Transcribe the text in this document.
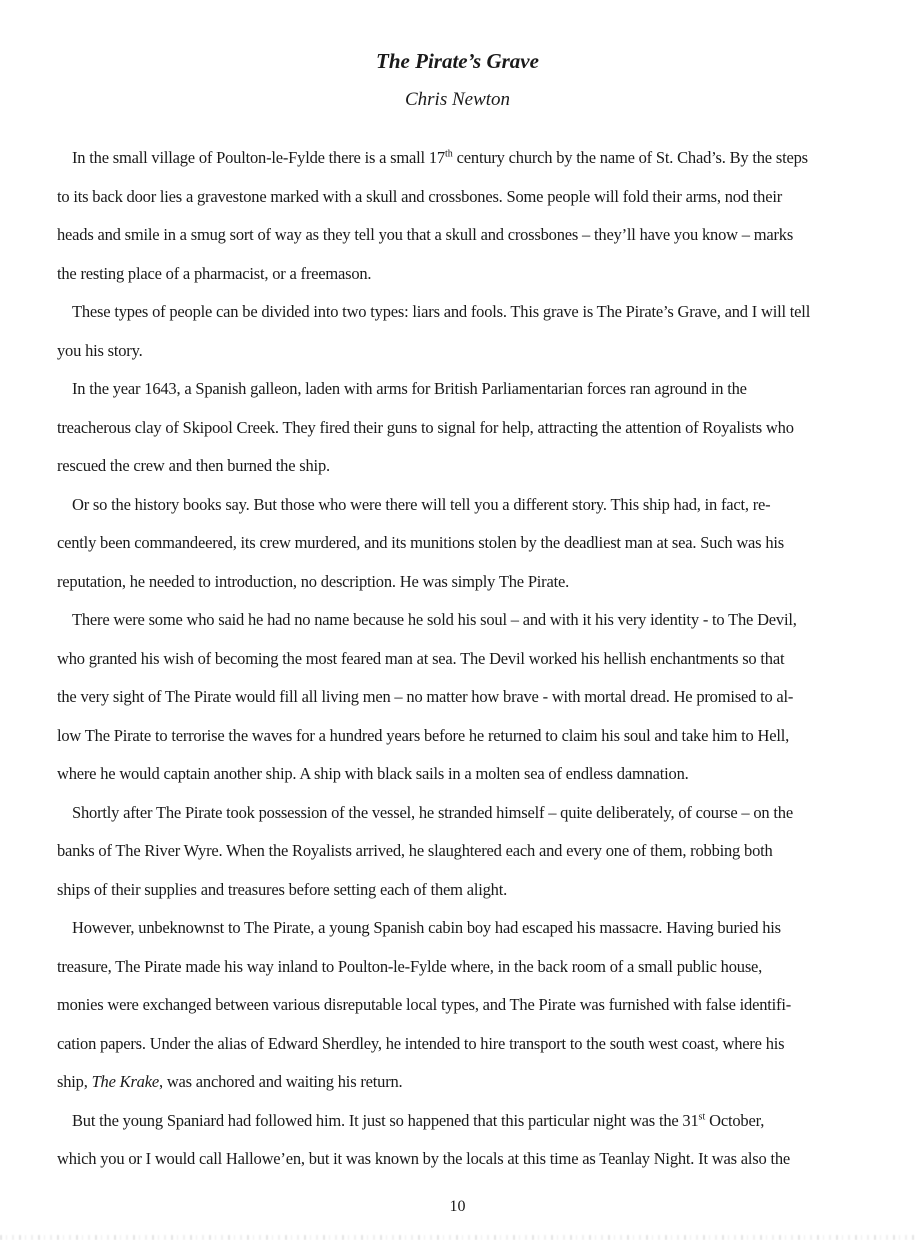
The Pirate’s Grave
Chris Newton
In the small village of Poulton-le-Fylde there is a small 17th century church by the name of St. Chad’s. By the steps
to its back door lies a gravestone marked with a skull and crossbones. Some people will fold their arms, nod their
heads and smile in a smug sort of way as they tell you that a skull and crossbones – they’ll have you know – marks
the resting place of a pharmacist, or a freemason.
These types of people can be divided into two types: liars and fools. This grave is The Pirate’s Grave, and I will tell
you his story.
In the year 1643, a Spanish galleon, laden with arms for British Parliamentarian forces ran aground in the
treacherous clay of Skipool Creek. They fired their guns to signal for help, attracting the attention of Royalists who
rescued the crew and then burned the ship.
Or so the history books say. But those who were there will tell you a different story. This ship had, in fact, re-
cently been commandeered, its crew murdered, and its munitions stolen by the deadliest man at sea. Such was his
reputation, he needed to introduction, no description. He was simply The Pirate.
There were some who said he had no name because he sold his soul – and with it his very identity - to The Devil,
who granted his wish of becoming the most feared man at sea. The Devil worked his hellish enchantments so that
the very sight of The Pirate would fill all living men – no matter how brave - with mortal dread. He promised to al-
low The Pirate to terrorise the waves for a hundred years before he returned to claim his soul and take him to Hell,
where he would captain another ship. A ship with black sails in a molten sea of endless damnation.
Shortly after The Pirate took possession of the vessel, he stranded himself – quite deliberately, of course – on the
banks of The River Wyre. When the Royalists arrived, he slaughtered each and every one of them, robbing both
ships of their supplies and treasures before setting each of them alight.
However, unbeknownst to The Pirate, a young Spanish cabin boy had escaped his massacre. Having buried his
treasure, The Pirate made his way inland to Poulton-le-Fylde where, in the back room of a small public house,
monies were exchanged between various disreputable local types, and The Pirate was furnished with false identifi-
cation papers. Under the alias of Edward Sherdley, he intended to hire transport to the south west coast, where his
ship, The Krake, was anchored and waiting his return.
But the young Spaniard had followed him. It just so happened that this particular night was the 31st October,
which you or I would call Hallowe’en, but it was known by the locals at this time as Teanlay Night. It was also the
10
